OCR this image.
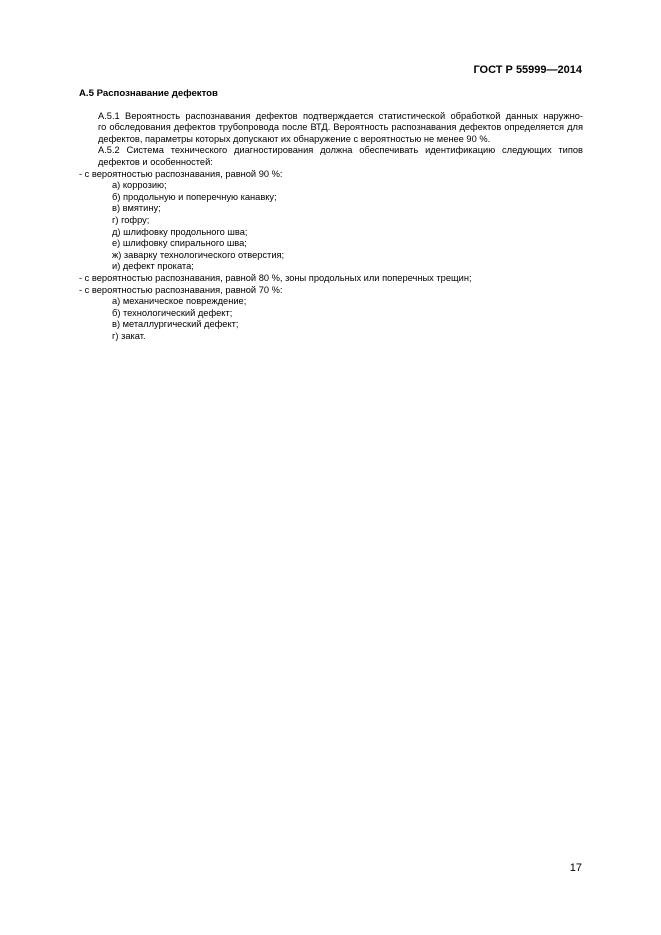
ГОСТ Р 55999—2014
А.5 Распознавание дефектов
А.5.1 Вероятность распознавания дефектов подтверждается статистической обработкой данных наружно-
го обследования дефектов трубопровода после ВТД. Вероятность распознавания дефектов определяется для
дефектов, параметры которых допускают их обнаружение с вероятностью не менее 90 %.
А.5.2 Система технического диагностирования должна обеспечивать идентификацию следующих типов
дефектов и особенностей:
- с вероятностью распознавания, равной 90 %:
а) коррозию;
б) продольную и поперечную канавку;
в) вмятину;
г) гофру;
д) шлифовку продольного шва;
е) шлифовку спирального шва;
ж) заварку технологического отверстия;
и) дефект проката;
- с вероятностью распознавания, равной 80 %, зоны продольных или поперечных трещин;
- с вероятностью распознавания, равной 70 %:
а) механическое повреждение;
б) технологический дефект;
в) металлургический дефект;
г) закат.
17
